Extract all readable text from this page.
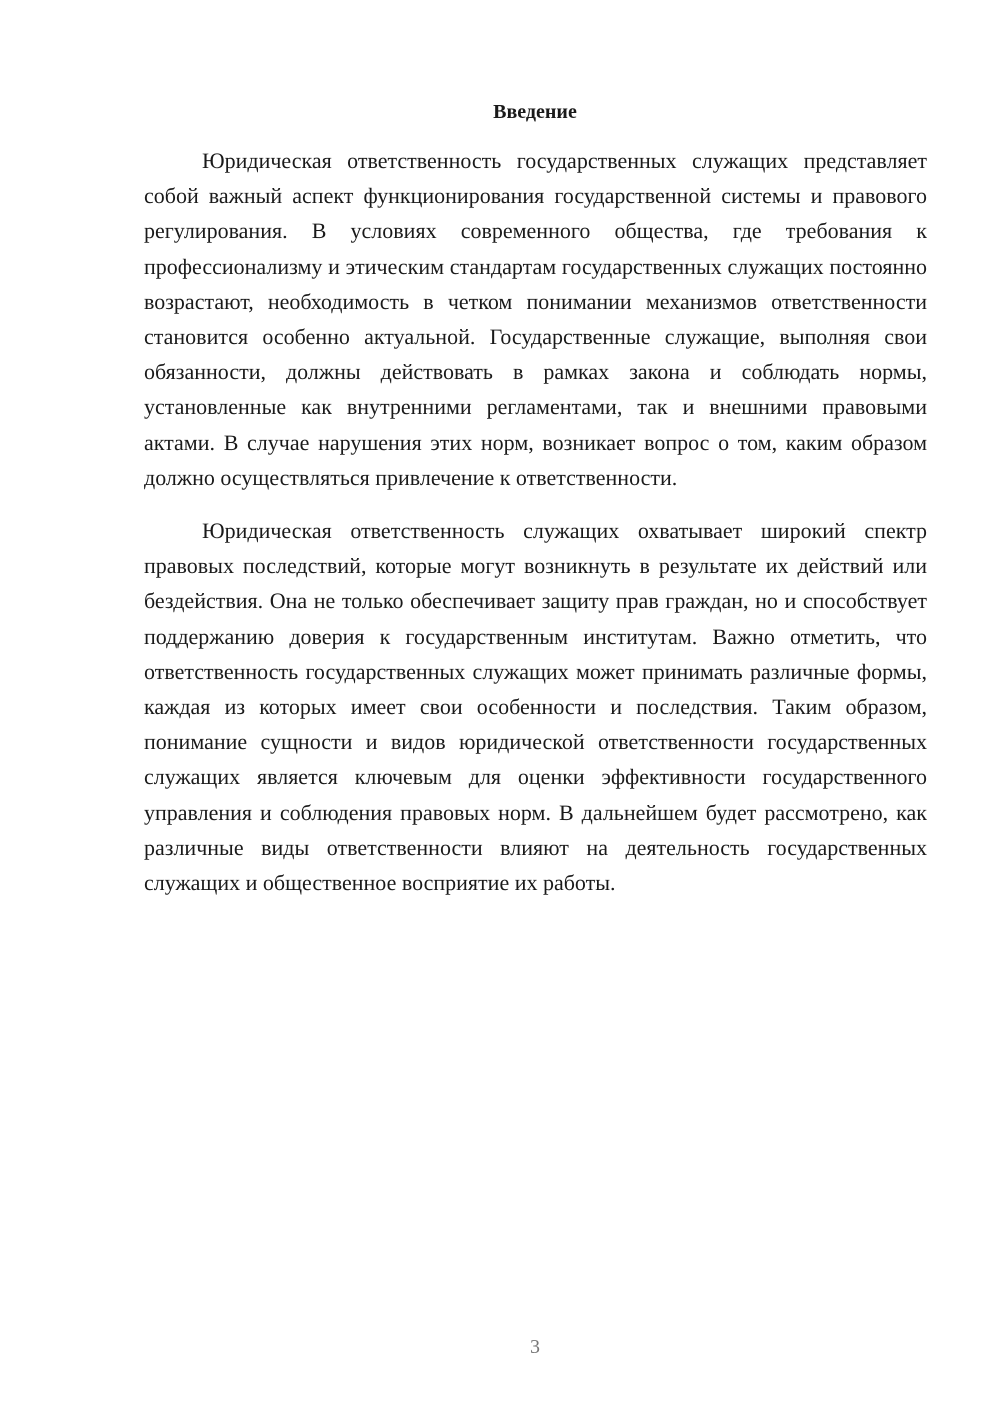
Введение

Юридическая ответственность государственных служащих представляет собой важный аспект функционирования государственной системы и правового регулирования. В условиях современного общества, где требования к профессионализму и этическим стандартам государственных служащих постоянно возрастают, необходимость в четком понимании механизмов ответственности становится особенно актуальной. Государственные служащие, выполняя свои обязанности, должны действовать в рамках закона и соблюдать нормы, установленные как внутренними регламентами, так и внешними правовыми актами. В случае нарушения этих норм, возникает вопрос о том, каким образом должно осуществляться привлечение к ответственности.

Юридическая ответственность служащих охватывает широкий спектр правовых последствий, которые могут возникнуть в результате их действий или бездействия. Она не только обеспечивает защиту прав граждан, но и способствует поддержанию доверия к государственным институтам. Важно отметить, что ответственность государственных служащих может принимать различные формы, каждая из которых имеет свои особенности и последствия. Таким образом, понимание сущности и видов юридической ответственности государственных служащих является ключевым для оценки эффективности государственного управления и соблюдения правовых норм. В дальнейшем будет рассмотрено, как различные виды ответственности влияют на деятельность государственных служащих и общественное восприятие их работы.

3
